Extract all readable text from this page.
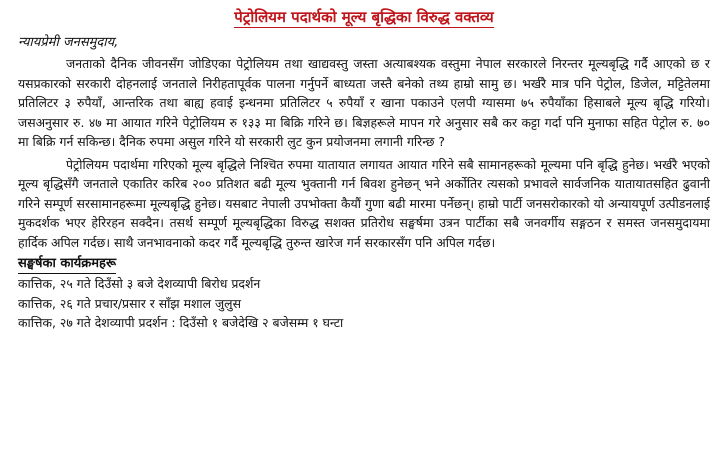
पेट्रोलियम पदार्थको मूल्य बृद्धिका विरुद्ध वक्तव्य

न्यायप्रेमी जनसमुदाय,

जनताको दैनिक जीवनसँग जोडिएका पेट्रोलियम तथा खाद्यवस्तु जस्ता अत्याबश्यक वस्तुमा नेपाल सरकारले निरन्तर मूल्यबृद्धि गर्दै आएको छ र यसप्रकारको सरकारी दोहनलाई जनताले निरीहतापूर्वक पालना गर्नुपर्ने बाध्यता जस्तै बनेको तथ्य हाम्रो सामु छ। भर्खरै मात्र पनि पेट्रोल, डिजेल, मट्टितेलमा प्रतिलिटर ३ रुपैयाँ, आन्तरिक तथा बाह्य हवाई इन्धनमा प्रतिलिटर ५ रुपैयाँ र खाना पकाउने एलपी ग्यासमा ७५ रुपैयाँका हिसाबले मूल्य बृद्धि गरियो। जसअनुसार रु. ४७ मा आयात गरिने पेट्रोलियम रु १३३ मा बिक्रि गरिने छ। बिज्ञहरूले मापन गरे अनुसार सबै कर कट्टा गर्दा पनि मुनाफा सहित पेट्रोल रु. ७० मा बिक्रि गर्न सकिन्छ। दैनिक रुपमा असुल गरिने यो सरकारी लुट कुन प्रयोजनमा लगानी गरिन्छ ?

पेट्रोलियम पदार्थमा गरिएको मूल्य बृद्धिले निश्चित रुपमा यातायात लगायत आयात गरिने सबै सामानहरूको मूल्यमा पनि बृद्धि हुनेछ। भर्खरै भएको मूल्य बृद्धिसँगै जनताले एकातिर करिब २०० प्रतिशत बढी मूल्य भुक्तानी गर्न बिवश हुनेछन् भने अर्कोतिर त्यसको प्रभावले सार्वजनिक यातायातसहित ढुवानी गरिने सम्पूर्ण सरसामानहरूमा मूल्यबृद्धि हुनेछ। यसबाट नेपाली उपभोक्ता कैयौं गुणा बढी मारमा पर्नेछन्। हाम्रो पार्टी जनसरोकारको यो अन्यायपूर्ण उत्पीडनलाई मुकदर्शक भएर हेरिरहन सक्दैन। तसर्थ सम्पूर्ण मूल्यबृद्धिका विरुद्ध सशक्त प्रतिरोध सङ्घर्षमा उत्रन पार्टीका सबै जनवर्गीय सङ्गठन र समस्त जनसमुदायमा हार्दिक अपिल गर्दछ। साथै जनभावनाको कदर गर्दै मूल्यबृद्धि तुरुन्त खारेज गर्न सरकारसँग पनि अपिल गर्दछ।

सङ्घर्षका कार्यक्रमहरू
कात्तिक, २५ गते दिउँसो ३ बजे देशव्यापी बिरोध प्रदर्शन
कात्तिक, २६ गते प्रचार/प्रसार र साँझ मशाल जुलुस
कात्तिक, २७ गते देशव्यापी प्रदर्शन : दिउँसो १ बजेदेखि २ बजेसम्म १ घन्टा
